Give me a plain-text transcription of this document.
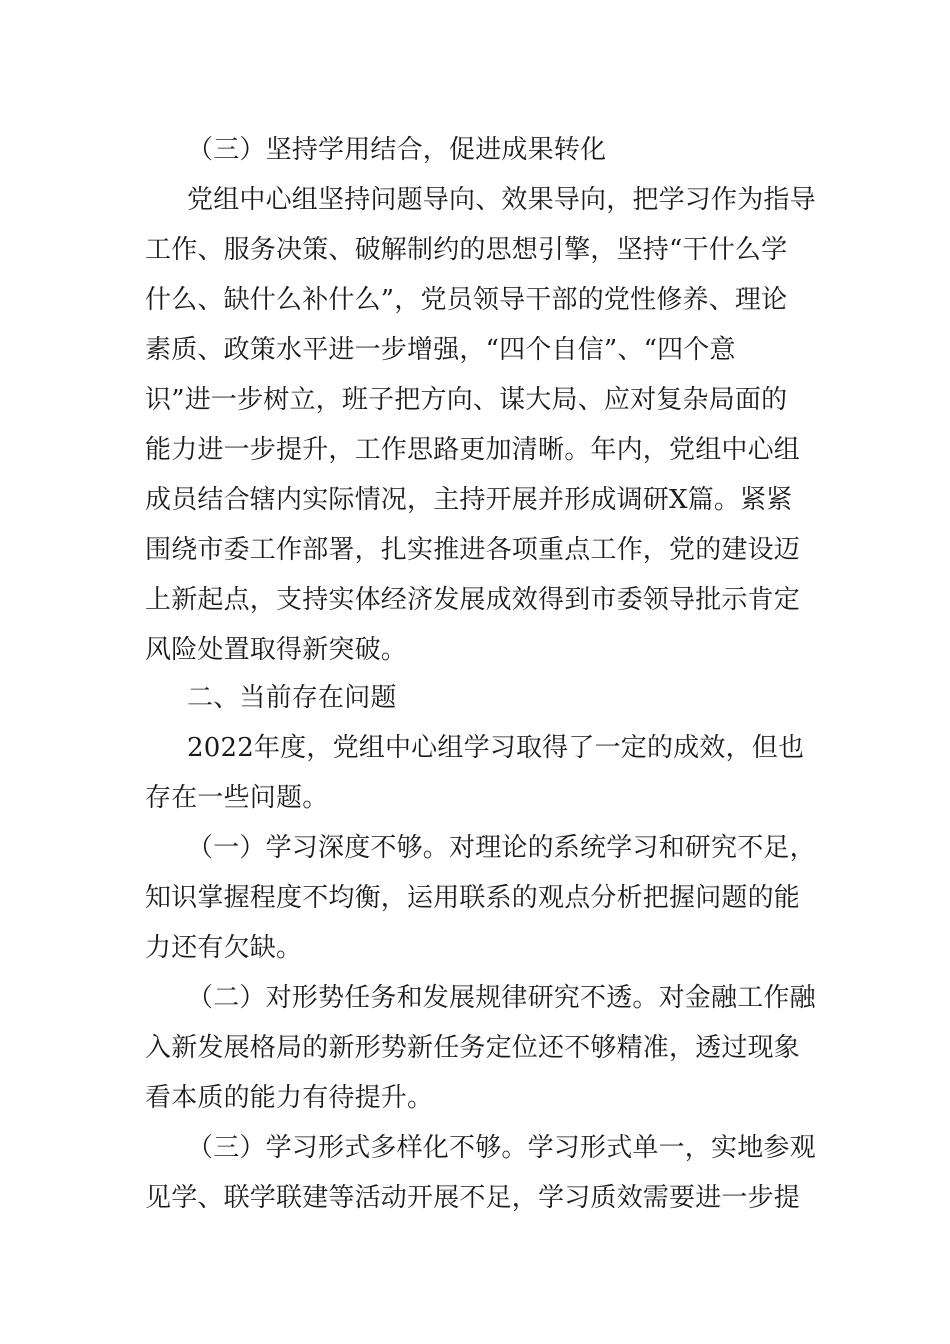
（三）坚持学用结合，促进成果转化

党组中心组坚持问题导向、效果导向，把学习作为指导

工作、服务决策、破解制约的思想引擎，坚持“干什么学

什么、缺什么补什么”，党员领导干部的党性修养、理论

素质、政策水平进一步增强，“四个自信”、“四个意

识”进一步树立，班子把方向、谋大局、应对复杂局面的

能力进一步提升，工作思路更加清晰。年内，党组中心组

成员结合辖内实际情况，主持开展并形成调研X篇。紧紧

围绕市委工作部署，扎实推进各项重点工作，党的建设迈

上新起点，支持实体经济发展成效得到市委领导批示肯定

风险处置取得新突破。

二、当前存在问题

2022年度，党组中心组学习取得了一定的成效，但也

存在一些问题。

（一）学习深度不够。对理论的系统学习和研究不足，

知识掌握程度不均衡，运用联系的观点分析把握问题的能

力还有欠缺。

（二）对形势任务和发展规律研究不透。对金融工作融

入新发展格局的新形势新任务定位还不够精准，透过现象

看本质的能力有待提升。

（三）学习形式多样化不够。学习形式单一，实地参观

见学、联学联建等活动开展不足，学习质效需要进一步提
